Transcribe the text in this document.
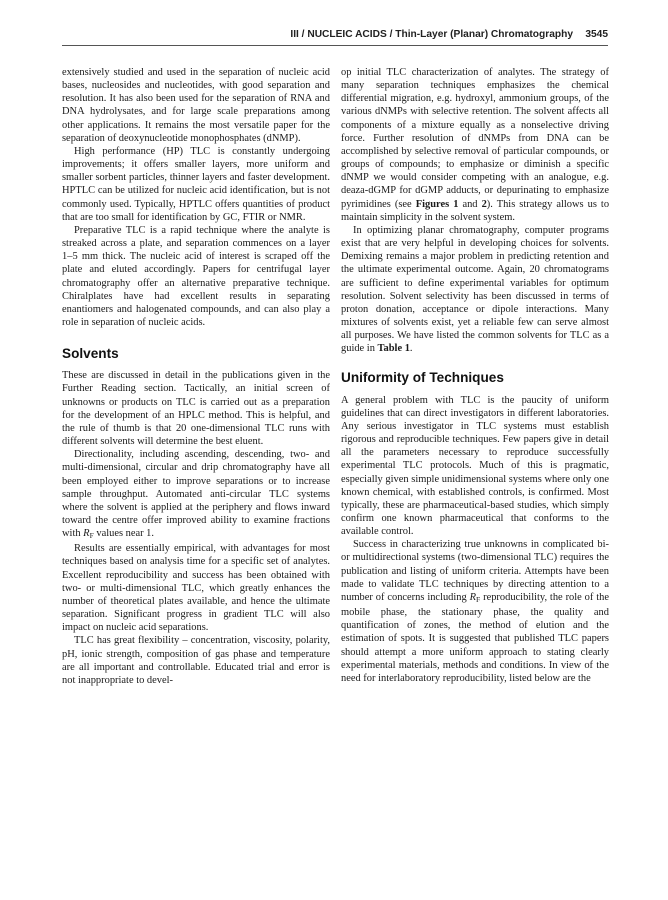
III / NUCLEIC ACIDS / Thin-Layer (Planar) Chromatography 3545

extensively studied and used in the separation of nucleic acid bases, nucleosides and nucleotides, with good separation and resolution. It has also been used for the separation of RNA and DNA hydrolysates, and for large scale preparations among other applications. It remains the most versatile paper for the separation of deoxynucleotide monophosphates (dNMP).

High performance (HP) TLC is constantly undergoing improvements; it offers smaller layers, more uniform and smaller sorbent particles, thinner layers and faster development. HPTLC can be utilized for nucleic acid identification, but is not commonly used. Typically, HPTLC offers quantities of product that are too small for identification by GC, FTIR or NMR.

Preparative TLC is a rapid technique where the analyte is streaked across a plate, and separation commences on a layer 1–5 mm thick. The nucleic acid of interest is scraped off the plate and eluted accordingly. Papers for centrifugal layer chromatography offer an alternative preparative technique. Chiralplates have had excellent results in separating enantiomers and halogenated compounds, and can also play a role in separation of nucleic acids.

Solvents

These are discussed in detail in the publications given in the Further Reading section. Tactically, an initial screen of unknowns or products on TLC is carried out as a preparation for the development of an HPLC method. This is helpful, and the rule of thumb is that 20 one-dimensional TLC runs with different solvents will determine the best eluent.

Directionality, including ascending, descending, two- and multi-dimensional, circular and drip chromatography have all been employed either to improve separations or to increase sample throughput. Automated anti-circular TLC systems where the solvent is applied at the periphery and flows inward toward the centre offer improved ability to examine fractions with $R_F$ values near 1.

Results are essentially empirical, with advantages for most techniques based on analysis time for a specific set of analytes. Excellent reproducibility and success has been obtained with two- or multi-dimensional TLC, which greatly enhances the number of theoretical plates available, and hence the ultimate separation. Significant progress in gradient TLC will also impact on nucleic acid separations.

TLC has great flexibility – concentration, viscosity, polarity, pH, ionic strength, composition of gas phase and temperature are all important and controllable. Educated trial and error is not inappropriate to devel-

op initial TLC characterization of analytes. The strategy of many separation techniques emphasizes the chemical differential migration, e.g. hydroxyl, ammonium groups, of the various dNMPs with selective retention. The solvent affects all components of a mixture equally as a nonselective driving force. Further resolution of dNMPs from DNA can be accomplished by selective removal of particular compounds, or groups of compounds; to emphasize or diminish a specific dNMP we would consider competing with an analogue, e.g. deaza-dGMP for dGMP adducts, or depurinating to emphasize pyrimidines (see Figures 1 and 2). This strategy allows us to maintain simplicity in the solvent system.

In optimizing planar chromatography, computer programs exist that are very helpful in developing choices for solvents. Demixing remains a major problem in predicting retention and the ultimate experimental outcome. Again, 20 chromatograms are sufficient to define experimental variables for optimum resolution. Solvent selectivity has been discussed in terms of proton donation, acceptance or dipole interactions. Many mixtures of solvents exist, yet a reliable few can serve almost all purposes. We have listed the common solvents for TLC as a guide in Table 1.

Uniformity of Techniques

A general problem with TLC is the paucity of uniform guidelines that can direct investigators in different laboratories. Any serious investigator in TLC systems must establish rigorous and reproducible techniques. Few papers give in detail all the parameters necessary to reproduce successfully experimental TLC protocols. Much of this is pragmatic, especially given simple unidimensional systems where only one known chemical, with established controls, is confirmed. Most typically, these are pharmaceutical-based studies, which simply confirm one known pharmaceutical that conforms to the available control.

Success in characterizing true unknowns in complicated bi- or multidirectional systems (two-dimensional TLC) requires the publication and listing of uniform criteria. Attempts have been made to validate TLC techniques by directing attention to a number of concerns including $R_F$ reproducibility, the role of the mobile phase, the stationary phase, the quality and quantification of zones, the method of elution and the estimation of spots. It is suggested that published TLC papers should attempt a more uniform approach to stating clearly experimental materials, methods and conditions. In view of the need for interlaboratory reproducibility, listed below are the
